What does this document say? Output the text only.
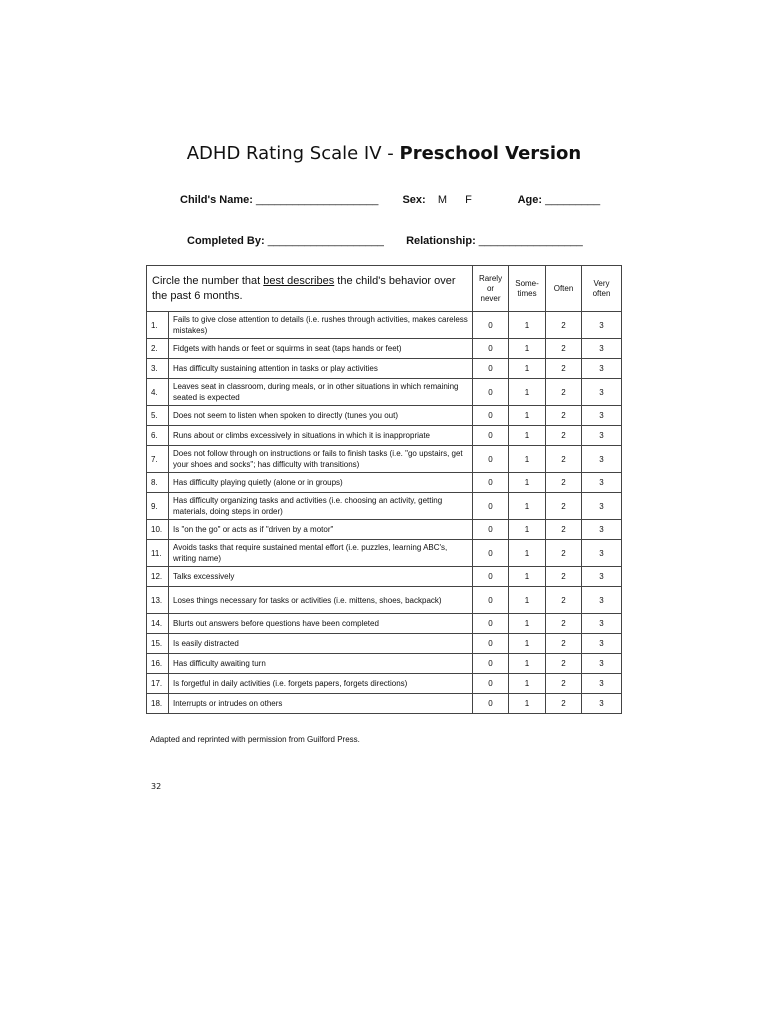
ADHD Rating Scale IV - Preschool Version
Child's Name: ____________________ Sex: M F	Age: _________
Completed By: ___________________ Relationship: _________________
Circle the number that best describes the child's behavior over the past 6 months.		Rarely or never	Some-times	Often	Very often
1.	Fails to give close attention to details (i.e. rushes through activities, makes careless mistakes)	0	1	2	3
2.	Fidgets with hands or feet or squirms in seat (taps hands or feet)	0	1	2	3
3.	Has difficulty sustaining attention in tasks or play activities	0	1	2	3
4.	Leaves seat in classroom, during meals, or in other situations in which remaining seated is expected	0	1	2	3
5.	Does not seem to listen when spoken to directly (tunes you out)	0	1	2	3
6.	Runs about or climbs excessively in situations in which it is inappropriate	0	1	2	3
7.	Does not follow through on instructions or fails to finish tasks (i.e. "go upstairs, get your shoes and socks"; has difficulty with transitions)	0	1	2	3
8.	Has difficulty playing quietly (alone or in groups)	0	1	2	3
9.	Has difficulty organizing tasks and activities (i.e. choosing an activity, getting materials, doing steps in order)	0	1	2	3
10.	Is "on the go" or acts as if "driven by a motor"	0	1	2	3
11.	Avoids tasks that require sustained mental effort (i.e. puzzles, learning ABC's, writing name)	0	1	2	3
12.	Talks excessively	0	1	2	3
13.	Loses things necessary for tasks or activities (i.e. mittens, shoes, backpack)	0	1	2	3
14.	Blurts out answers before questions have been completed	0	1	2	3
15.	Is easily distracted	0	1	2	3
16.	Has difficulty awaiting turn	0	1	2	3
17.	Is forgetful in daily activities (i.e. forgets papers, forgets directions)	0	1	2	3
18.	Interrupts or intrudes on others	0	1	2	3
Adapted and reprinted with permission from Guilford Press.
32
